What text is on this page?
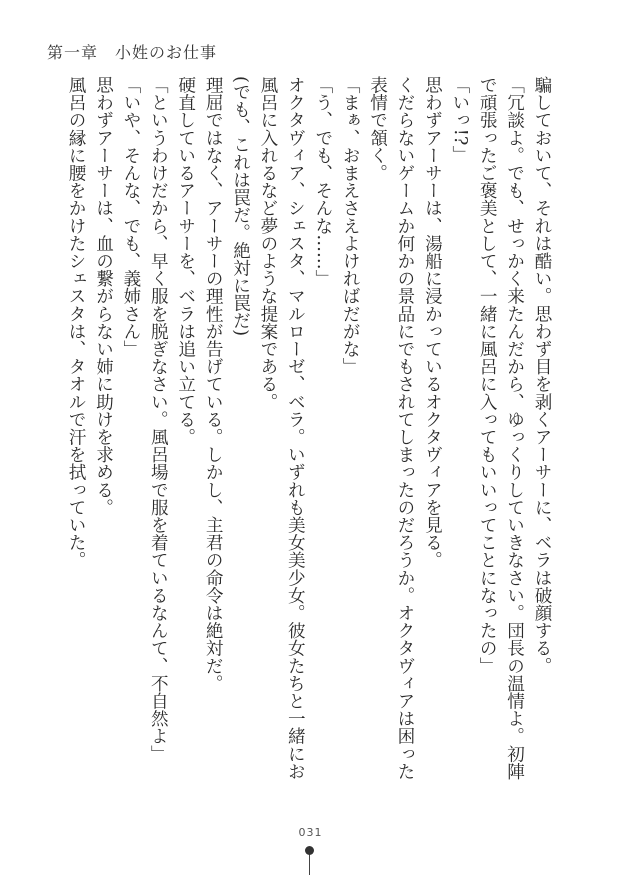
第一章　小姓のお仕事

騙しておいて、それは酷い。思わず目を剥くアーサーに、ベラは破顔する。

「冗談よ。でも、せっかく来たんだから、ゆっくりしていきなさい。団長の温情よ。初陣で頑張ったご褒美として、一緒に風呂に入ってもいいってことになったの」

「いっ!?」

思わずアーサーは、湯船に浸かっているオクタヴィアを見る。

くだらないゲームか何かの景品にでもされてしまったのだろうか。オクタヴィアは困った表情で頷く。

「まぁ、おまえさえよければだがな」

「う、でも、そんな……」

オクタヴィア、シェスタ、マルローゼ、ベラ。いずれも美女美少女。彼女たちと一緒にお風呂に入れるなど夢のような提案である。

(でも、これは罠だ。絶対に罠だ)

理屈ではなく、アーサーの理性が告げている。しかし、主君の命令は絶対だ。

硬直しているアーサーを、ベラは追い立てる。

「というわけだから、早く服を脱ぎなさい。風呂場で服を着ているなんて、不自然よ」

「いや、そんな、でも、義姉さん」

思わずアーサーは、血の繋がらない姉に助けを求める。

風呂の縁に腰をかけたシェスタは、タオルで汗を拭っていた。

031
